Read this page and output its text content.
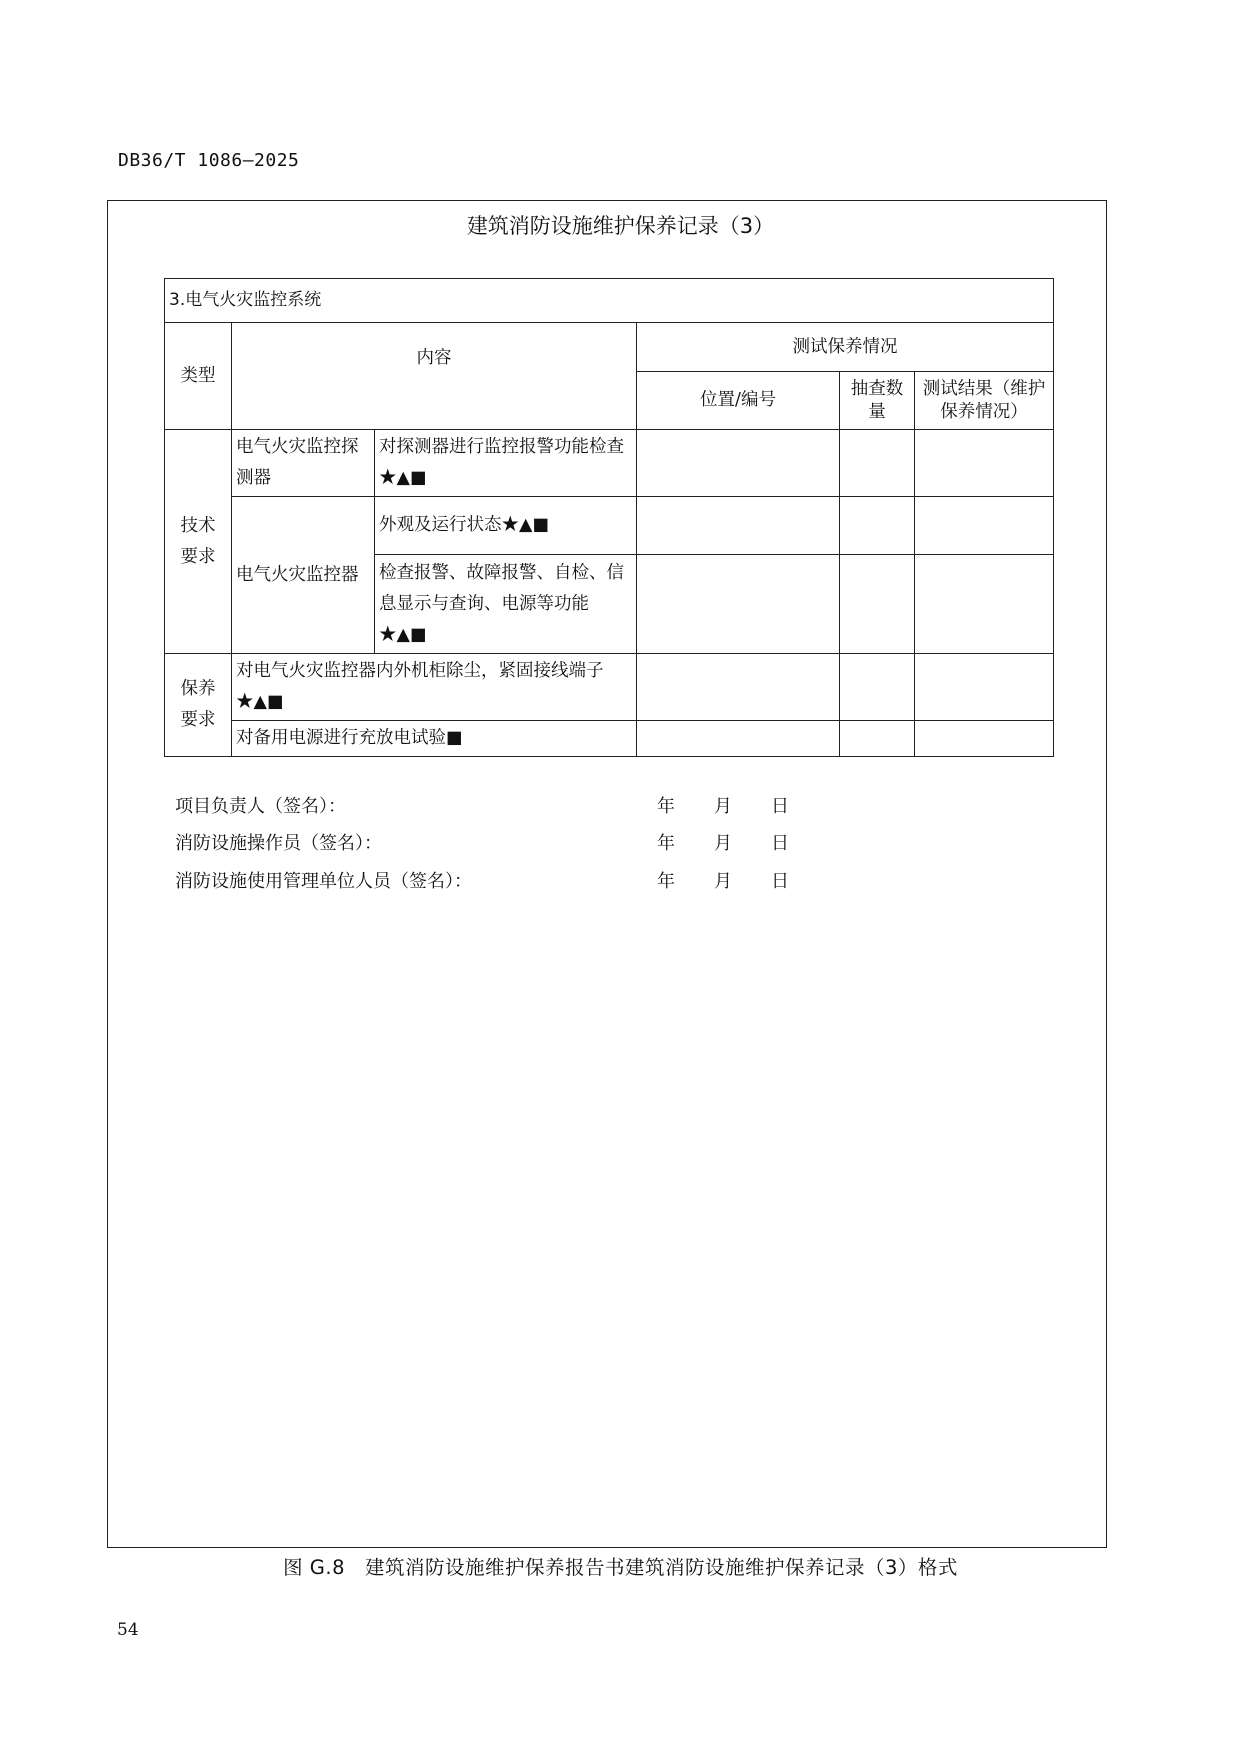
DB36/T 1086—2025
建筑消防设施维护保养记录（3）
3.电气火灾监控系统					
类型	内容		测试保养情况		
			位置/编号	抽查数量	测试结果（维护保养情况）
技术要求	电气火灾监控探测器	对探测器进行监控报警功能检查★▲■			
	电气火灾监控器	外观及运行状态★▲■			
		检查报警、故障报警、自检、信息显示与查询、电源等功能★▲■			
保养要求	对电气火灾监控器内外机柜除尘，紧固接线端子★▲■				
	对备用电源进行充放电试验■				
项目负责人（签名）：	年 月 日
消防设施操作员（签名）：	年 月 日
消防设施使用管理单位人员（签名）：	年 月 日
图 G.8　建筑消防设施维护保养报告书建筑消防设施维护保养记录（3）格式
54
